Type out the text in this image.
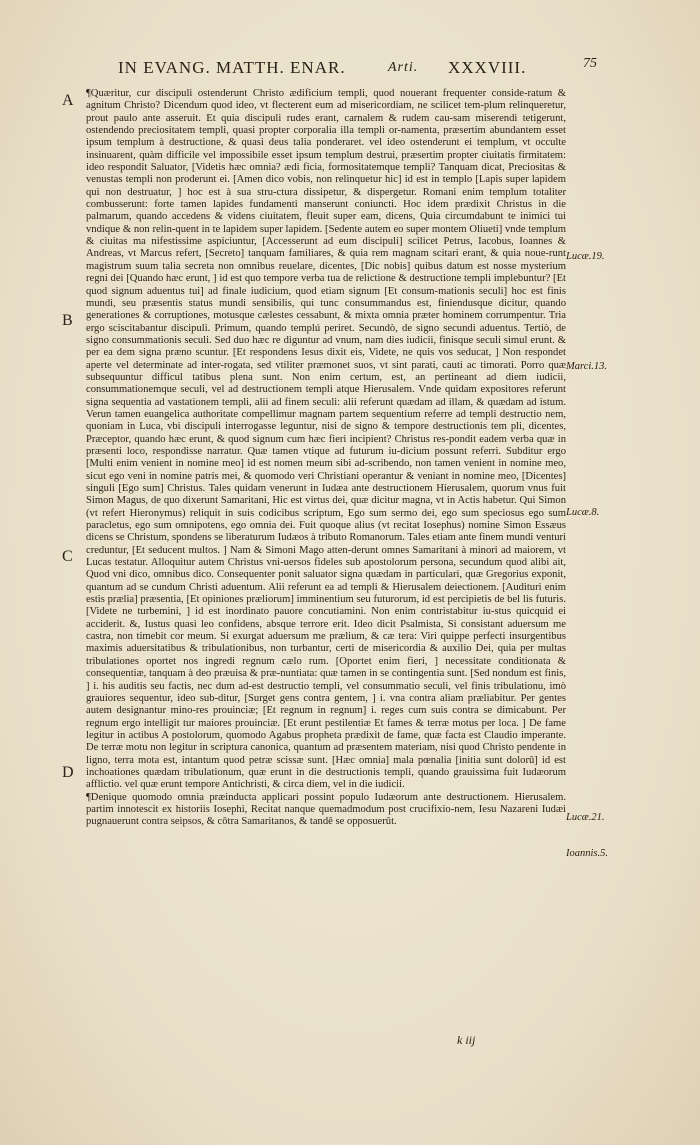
IN EVANG. MATTH. ENAR.	Arti. XXXVIII.	75
A
B
C
D
Lucæ.19.
Marci.13.
Lucæ.8.
Lucæ.21.
Ioannis.5.

¶Quæritur, cur discipuli ostenderunt Christo ædificium templi, quod nouerant frequenter conside-ratum & agnitum Christo? Dicendum quod ideo, vt flecterent eum ad misericordiam, ne scilicet tem-plum relinqueretur, prout paulo ante asseruit. Et quia discipuli rudes erant, carnalem & rudem cau-sam miserendi tetigerunt, ostendendo preciositatem templi, quasi propter corporalia illa templi or-namenta, præsertim abundantem esset ipsum templum à destructione, & quasi deus talia ponderaret. vel ideo ostenderunt ei templum, vt occulte insinuarent, quàm difficile vel impossibile esset ipsum templum destrui, præsertim propter ciuitatis firmitatem: ideo respondit Saluator, [Videtis hæc omnia? ædi ficia, formositatemque templi? Tanquam dicat, Preciositas & venustas templi non proderunt ei. [Amen dico vobis, non relinquetur hic] id est in templo [Lapis super lapidem qui non destruatur, ] hoc est à sua stru-ctura dissipetur, & dispergetur. Romani enim templum totaliter combusserunt: forte tamen lapides fundamenti manserunt coniuncti. Hoc idem prædixit Christus in die palmarum, quando accedens & videns ciuitatem, fleuit super eam, dicens, Quia circumdabunt te inimici tui vndique & non relin-quent in te lapidem super lapidem. [Sedente autem eo super montem Oliueti] vnde templum & ciuitas ma nifestissime aspiciuntur, [Accesserunt ad eum discipuli] scilicet Petrus, Iacobus, Ioannes & Andreas, vt Marcus refert, [Secreto] tanquam familiares, & quia rem magnam scitari erant, & quia noue-runt magistrum suum talia secreta non omnibus reuelare, dicentes, [Dic nobis] quibus datum est nosse mysterium regni dei [Quando hæc erunt, ] id est quo tempore verba tua de relictione & destructione templi implebuntur? [Et quod signum aduentus tui] ad finale iudicium, quod etiam signum [Et consum-mationis seculi] hoc est finis mundi, seu præsentis status mundi sensibilis, qui tunc consummandus est, finiendusque dicitur, quando generationes & corruptiones, motusque cælestes cessabunt, & mixta omnia præter hominem corrumpentur. Tria ergo sciscitabantur discipuli. Primum, quando templú periret. Secundò, de signo secundi aduentus. Tertiò, de signo consummationis seculi. Sed duo hæc re diguntur ad vnum, nam dies iudicii, finisque seculi simul erunt. & per ea dem signa præno scuntur. [Et respondens Iesus dixit eis, Videte, ne quis vos seducat, ] Non respondet aperte vel determinate ad inter-rogata, sed vtiliter præmonet suos, vt sint parati, cauti ac timorati. Porro quæ subsequuntur difficul tatibus plena sunt. Non enim certum, est, an pertineant ad diem iudicii, consummationemque seculi, vel ad destructionem templi atque Hierusalem. Vnde quidam expositores referunt signa sequentia ad vastationem templi, alii ad finem seculi: alii referunt quædam ad illam, & quædam ad istum. Verun tamen euangelica authoritate compellimur magnam partem sequentium referre ad templi destructio nem, quoniam in Luca, vbi discipuli interrogasse leguntur, nisi de signo & tempore destructionis tem pli, dicentes, Præceptor, quando hæc erunt, & quod signum cum hæc fieri incipient? Christus res-pondit eadem verba quæ in præsenti loco, respondisse narratur. Quæ tamen vtique ad futurum iu-dicium possunt referri. Subditur ergo [Multi enim venient in nomine meo] id est nomen meum sibi ad-scribendo, non tamen venient in nomine meo, sicut ego veni in nomine patris mei, & quomodo veri Christiani operantur & veniant in nomine meo, [Dicentes] singuli [Ego sum] Christus. Tales quidam venerunt in Iudæa ante destructionem Hierusalem, quorum vnus fuit Simon Magus, de quo dixerunt Samaritani, Hic est virtus dei, quæ dicitur magna, vt in Actis habetur. Qui Simon (vt refert Hieronymus) reliquit in suis codicibus scriptum, Ego sum sermo dei, ego sum speciosus ego sum paracletus, ego sum omnipotens, ego omnia dei. Fuit quoque alius (vt recitat Iosephus) nomine Simon Essæus dicens se Christum, spondens se liberaturum Iudæos à tributo Romanorum. Tales etiam ante finem mundi venturi creduntur, [Et seducent multos. ] Nam & Simoni Mago atten-derunt omnes Samaritani à minori ad maiorem, vt Lucas testatur. Alloquitur autem Christus vni-uersos fideles sub apostolorum persona, secundum quod alibi ait, Quod vni dico, omnibus dico. Consequenter ponit saluator signa quædam in particulari, quæ Gregorius exponit, quantum ad se cundum Christi aduentum. Alii referunt ea ad templi & Hierusalem deiectionem. [Audituri enim estis prælia] præsentia, [Et opiniones præliorum] imminentium seu futurorum, id est percipietis de bel lis futuris. [Videte ne turbemini, ] id est inordinato pauore concutiamini. Non enim contristabitur iu-stus quicquid ei acciderit. &, Iustus quasi leo confidens, absque terrore erit. Ideo dicit Psalmista, Si consistant aduersum me castra, non timebit cor meum. Si exurgat aduersum me prælium, & cæ tera: Viri quippe perfecti insurgentibus maximis aduersitatibus & tribulationibus, non turbantur, certi de misericordia & auxilio Dei, quia per multas tribulationes oportet nos ingredi regnum cælo rum. [Oportet enim fieri, ] necessitate conditionata & consequentiæ, tanquam à deo præuisa & præ-nuntiata: quæ tamen in se contingentia sunt. [Sed nondum est finis, ] i. his auditis seu factis, nec dum ad-est destructio templi, vel consummatio seculi, vel finis tribulationu, imò grauiores sequentur, ideo sub-ditur, [Surget gens contra gentem, ] i. vna contra aliam præliabitur. Per gentes autem designantur mino-res prouinciæ; [Et regnum in regnum] i. reges cum suis contra se dimicabunt. Per regnum ergo intelligit tur maiores prouinciæ. [Et erunt pestilentiæ Et fames & terræ motus per loca. ] De fame legitur in actibus A postolorum, quomodo Agabus propheta prædixit de fame, quæ facta est Claudio imperante. De terræ motu non legitur in scriptura canonica, quantum ad præsentem materiam, nisi quod Christo pendente in ligno, terra mota est, intantum quod petræ scissæ sunt. [Hæc omnia] mala pœnalia [initia sunt dolorū] id est inchoationes quædam tribulationum, quæ erunt in die destructionis templi, quando grauissima fuit Iudæorum afflictio. vel quæ erunt tempore Antichristi, & circa diem, vel in die iudicii.

¶Denique quomodo omnia præinducta applicari possint populo Iudæorum ante destructionem. Hierusalem. partim innotescit ex historiis Iosephi, Recitat nanque quemadmodum post crucifixio-nem, Iesu Nazareni Iudæi pugnauerunt contra seipsos, & cōtra Samaritanos, & tandē se opposuerūt.

k iij
